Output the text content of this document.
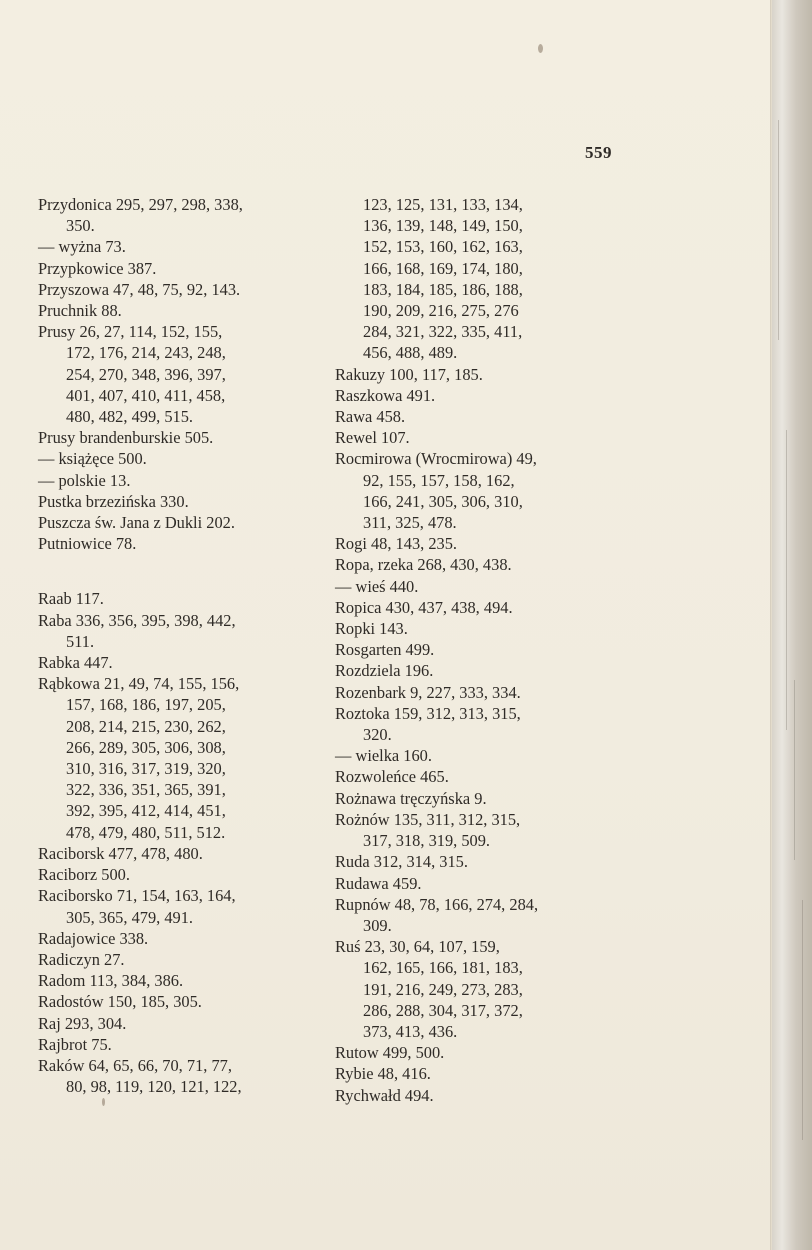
559
Przydonica 295, 297, 298, 338,
350.
— wyżna 73.
Przypkowice 387.
Przyszowa 47, 48, 75, 92, 143.
Pruchnik 88.
Prusy 26, 27, 114, 152, 155,
172, 176, 214, 243, 248,
254, 270, 348, 396, 397,
401, 407, 410, 411, 458,
480, 482, 499, 515.
Prusy brandenburskie 505.
— książęce 500.
— polskie 13.
Pustka brzezińska 330.
Puszcza św. Jana z Dukli 202.
Putniowice 78.
Raab 117.
Raba 336, 356, 395, 398, 442,
511.
Rabka 447.
Rąbkowa 21, 49, 74, 155, 156,
157, 168, 186, 197, 205,
208, 214, 215, 230, 262,
266, 289, 305, 306, 308,
310, 316, 317, 319, 320,
322, 336, 351, 365, 391,
392, 395, 412, 414, 451,
478, 479, 480, 511, 512.
Raciborsk 477, 478, 480.
Raciborz 500.
Raciborsko 71, 154, 163, 164,
305, 365, 479, 491.
Radajowice 338.
Radiczyn 27.
Radom 113, 384, 386.
Radostów 150, 185, 305.
Raj 293, 304.
Rajbrot 75.
Raków 64, 65, 66, 70, 71, 77,
80, 98, 119, 120, 121, 122,
123, 125, 131, 133, 134,
136, 139, 148, 149, 150,
152, 153, 160, 162, 163,
166, 168, 169, 174, 180,
183, 184, 185, 186, 188,
190, 209, 216, 275, 276
284, 321, 322, 335, 411,
456, 488, 489.
Rakuzy 100, 117, 185.
Raszkowa 491.
Rawa 458.
Rewel 107.
Rocmirowa (Wrocmirowa) 49,
92, 155, 157, 158, 162,
166, 241, 305, 306, 310,
311, 325, 478.
Rogi 48, 143, 235.
Ropa, rzeka 268, 430, 438.
— wieś 440.
Ropica 430, 437, 438, 494.
Ropki 143.
Rosgarten 499.
Rozdziela 196.
Rozenbark 9, 227, 333, 334.
Roztoka 159, 312, 313, 315,
320.
— wielka 160.
Rozwoleńce 465.
Rożnawa tręczyńska 9.
Rożnów 135, 311, 312, 315,
317, 318, 319, 509.
Ruda 312, 314, 315.
Rudawa 459.
Rupnów 48, 78, 166, 274, 284,
309.
Ruś 23, 30, 64, 107, 159,
162, 165, 166, 181, 183,
191, 216, 249, 273, 283,
286, 288, 304, 317, 372,
373, 413, 436.
Rutow 499, 500.
Rybie 48, 416.
Rychwałd 494.
